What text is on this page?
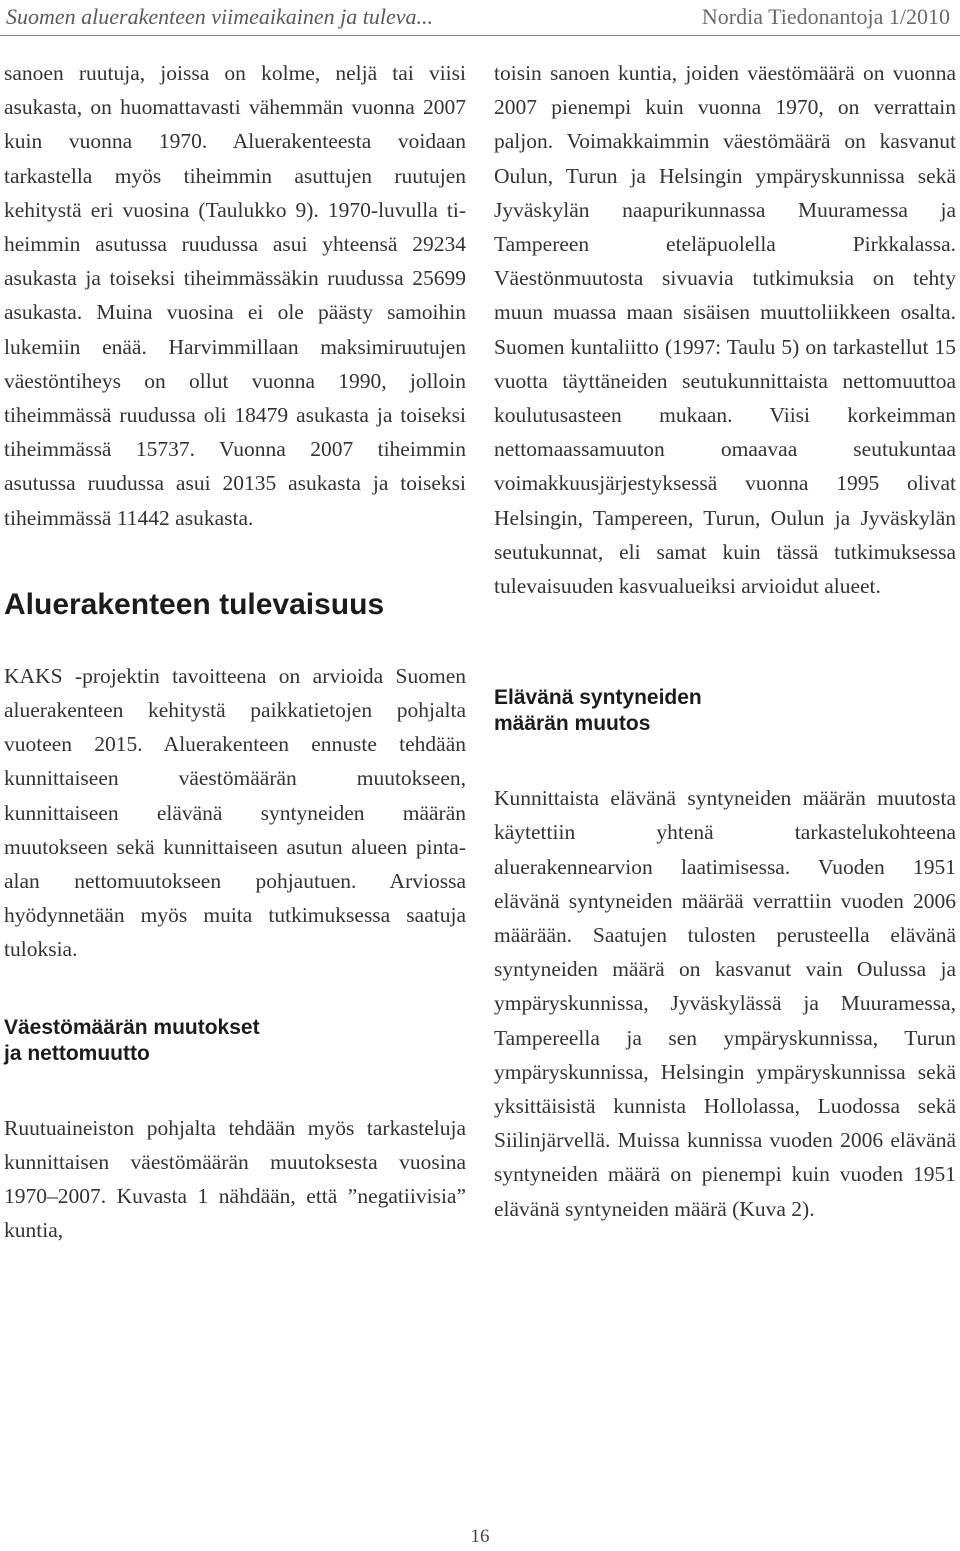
Suomen aluerakenteen viimeaikainen ja tuleva...	Nordia Tiedonantoja 1/2010

sanoen ruutuja, joissa on kolme, neljä tai viisi asukasta, on huomattavasti vähemmän vuonna 2007 kuin vuonna 1970. Aluerakenteesta voidaan tarkastella myös tiheimmin asuttujen ruutujen kehitystä eri vuosina (Taulukko 9). 1970-luvulla tiheimmin asutussa ruudussa asui yhteensä 29234 asukasta ja toiseksi tiheimmässäkin ruudussa 25699 asukasta. Muina vuosina ei ole päästy samoihin lukemiin enää. Harvimmillaan maksimiruutujen väestöntiheys on ollut vuonna 1990, jolloin tiheimmässä ruudussa oli 18479 asukasta ja toiseksi tiheimmässä 15737. Vuonna 2007 tiheimmin asutussa ruudussa asui 20135 asukasta ja toiseksi tiheimmässä 11442 asukasta.

Aluerakenteen tulevaisuus

KAKS -projektin tavoitteena on arvioida Suomen aluerakenteen kehitystä paikkatietojen pohjalta vuoteen 2015. Aluerakenteen ennuste tehdään kunnittaiseen väestömäärän muutokseen, kunnittaiseen elävänä syntyneiden määrän muutokseen sekä kunnittaiseen asutun alueen pinta-alan nettomuutokseen pohjautuen. Arviossa hyödynnetään myös muita tutkimuksessa saatuja tuloksia.

Väestömäärän muutokset
ja nettomuutto

Ruutuaineiston pohjalta tehdään myös tarkasteluja kunnittaisen väestömäärän muutoksesta vuosina 1970–2007. Kuvasta 1 nähdään, että ”negatiivisia” kuntia,

toisin sanoen kuntia, joiden väestömäärä on vuonna 2007 pienempi kuin vuonna 1970, on verrattain paljon. Voimakkaimmin väestömäärä on kasvanut Oulun, Turun ja Helsingin ympäryskunnissa sekä Jyväskylän naapurikunnassa Muuramessa ja Tampereen eteläpuolella Pirkkalassa. Väestönmuutosta sivuavia tutkimuksia on tehty muun muassa maan sisäisen muuttoliikkeen osalta. Suomen kuntaliitto (1997: Taulu 5) on tarkastellut 15 vuotta täyttäneiden seutukunnittaista nettomuuttoa koulutusasteen mukaan. Viisi korkeimman nettomaassamuuton omaavaa seutukuntaa voimakkuusjärjestyksessä vuonna 1995 olivat Helsingin, Tampereen, Turun, Oulun ja Jyväskylän seutukunnat, eli samat kuin tässä tutkimuksessa tulevaisuuden kasvualueiksi arvioidut alueet.

Elävänä syntyneiden
määrän muutos

Kunnittaista elävänä syntyneiden määrän muutosta käytettiin yhtenä tarkastelukohteena aluerakennearvion laatimisessa. Vuoden 1951 elävänä syntyneiden määrää verrattiin vuoden 2006 määrään. Saatujen tulosten perusteella elävänä syntyneiden määrä on kasvanut vain Oulussa ja ympäryskunnissa, Jyväskylässä ja Muuramessa, Tampereella ja sen ympäryskunnissa, Turun ympäryskunnissa, Helsingin ympäryskunnissa sekä yksittäisistä kunnista Hollolassa, Luodossa sekä Siilinjärvellä. Muissa kunnissa vuoden 2006 elävänä syntyneiden määrä on pienempi kuin vuoden 1951 elävänä syntyneiden määrä (Kuva 2).

16
